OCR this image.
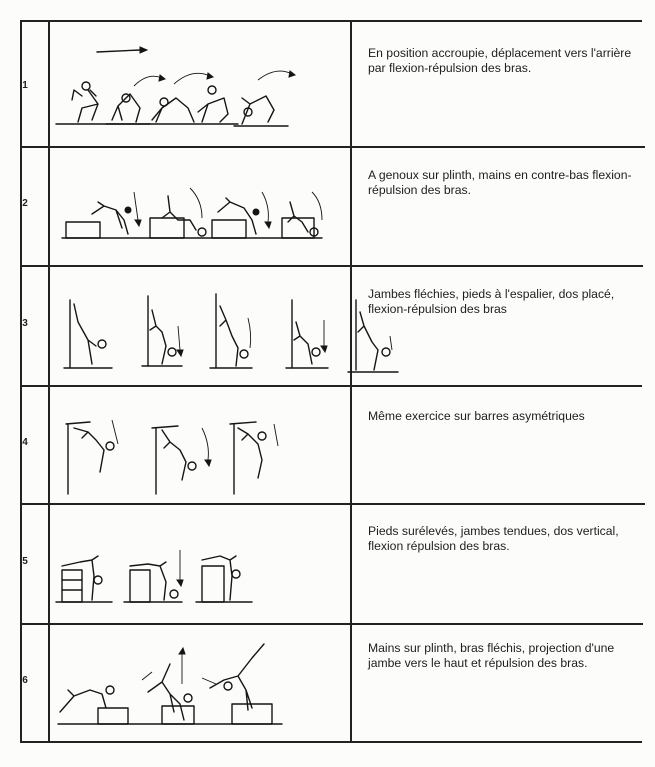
1
En position accroupie, déplacement vers l'arrière par flexion-répulsion des bras.
2
A genoux sur plinth, mains en contre-bas flexion-répulsion des bras.
3
Jambes fléchies, pieds à l'espalier, dos placé, flexion-répulsion des bras
4
Même exercice sur barres asymétriques
5
Pieds surélevés, jambes tendues, dos vertical, flexion répulsion des bras.
6
Mains sur plinth, bras fléchis, projection d'une jambe vers le haut et répulsion des bras.
